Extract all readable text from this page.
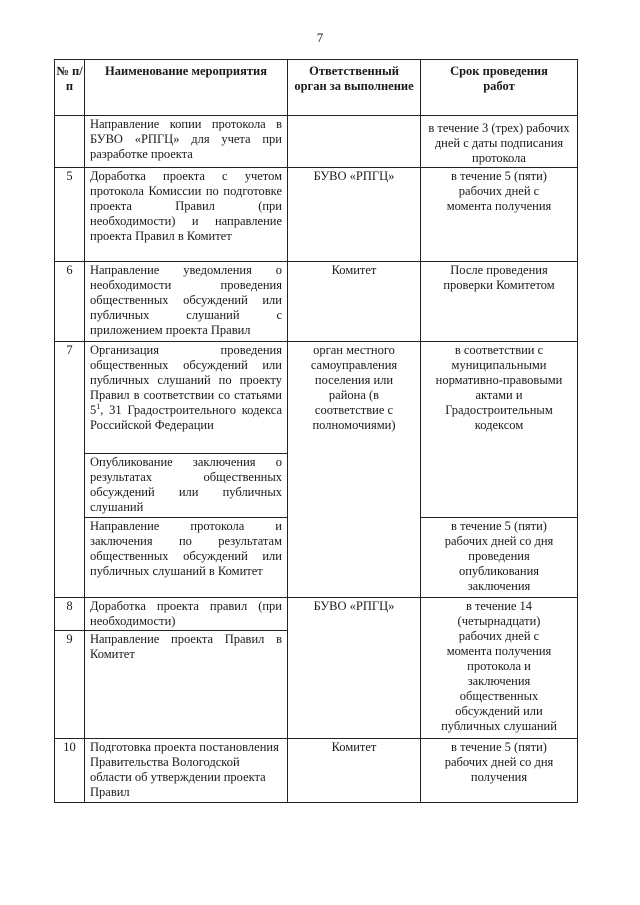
7
№ п/п	Наименование мероприятия	Ответственный орган за выполнение	Срок проведения работ
	Направление копии протокола в БУВО «РПГЦ» для учета при разработке проекта		в течение 3 (трех) рабочих дней с даты подписания протокола
5	Доработка проекта с учетом протокола Комиссии по подготовке проекта Правил (при необходимости) и направление проекта Правил в Комитет	БУВО «РПГЦ»	в течение 5 (пяти) рабочих дней с момента получения
6	Направление уведомления о необходимости проведения общественных обсуждений или публичных слушаний с приложением проекта Правил	Комитет	После проведения проверки Комитетом
7	Организация проведения общественных обсуждений или публичных слушаний по проекту Правил в соответствии со статьями $5^1$, 31 Градостроительного кодекса Российской Федерации	орган местного самоуправления поселения или района (в соответствие с полномочиями)	в соответствии с муниципальными нормативно-правовыми актами и Градостроительным кодексом
	Опубликование заключения о результатах общественных обсуждений или публичных слушаний		
	Направление протокола и заключения по результатам общественных обсуждений или публичных слушаний в Комитет		в течение 5 (пяти) рабочих дней со дня проведения опубликования заключения
8	Доработка проекта правил (при необходимости)	БУВО «РПГЦ»	в течение 14 (четырнадцати) рабочих дней с момента получения протокола и заключения общественных обсуждений или публичных слушаний
9	Направление проекта Правил в Комитет		
10	Подготовка проекта постановления Правительства Вологодской области об утверждении проекта Правил	Комитет	в течение 5 (пяти) рабочих дней со дня получения
